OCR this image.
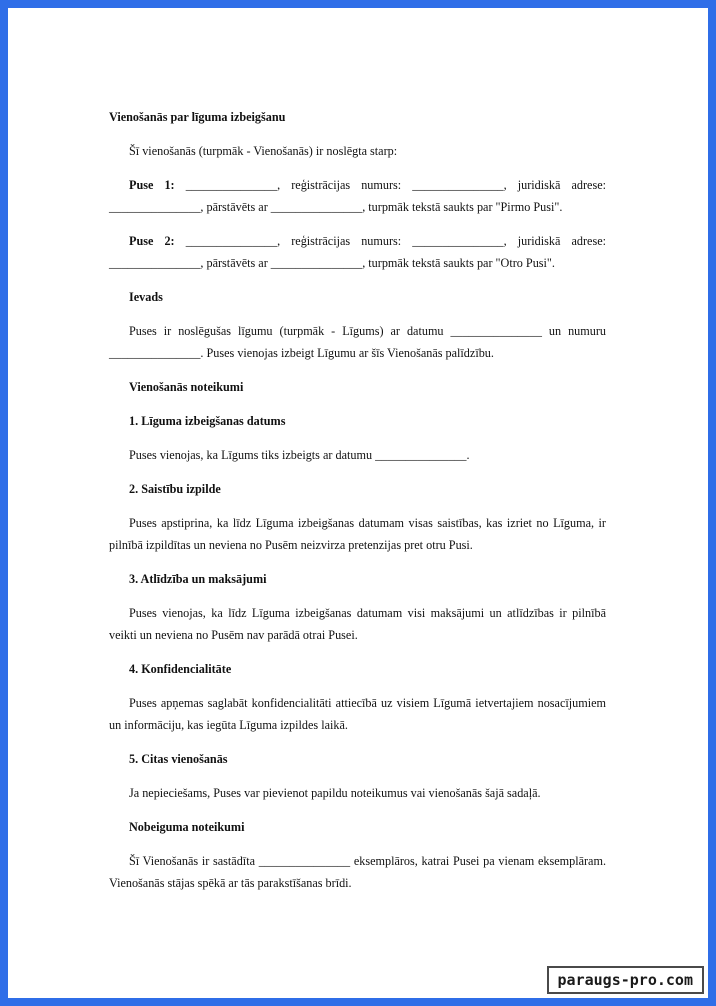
Vienošanās par līguma izbeigšanu

Šī vienošanās (turpmāk - Vienošanās) ir noslēgta starp:

Puse 1: _______________, reģistrācijas numurs: _______________, juridiskā adrese: _______________, pārstāvēts ar _______________, turpmāk tekstā saukts par "Pirmo Pusi".

Puse 2: _______________, reģistrācijas numurs: _______________, juridiskā adrese: _______________, pārstāvēts ar _______________, turpmāk tekstā saukts par "Otro Pusi".

Ievads

Puses ir noslēgušas līgumu (turpmāk - Līgums) ar datumu _______________ un numuru _______________. Puses vienojas izbeigt Līgumu ar šīs Vienošanās palīdzību.

Vienošanās noteikumi

1. Līguma izbeigšanas datums

Puses vienojas, ka Līgums tiks izbeigts ar datumu _______________.

2. Saistību izpilde

Puses apstiprina, ka līdz Līguma izbeigšanas datumam visas saistības, kas izriet no Līguma, ir pilnībā izpildītas un neviena no Pusēm neizvirza pretenzijas pret otru Pusi.

3. Atlīdzība un maksājumi

Puses vienojas, ka līdz Līguma izbeigšanas datumam visi maksājumi un atlīdzības ir pilnībā veikti un neviena no Pusēm nav parādā otrai Pusei.

4. Konfidencialitāte

Puses apņemas saglabāt konfidencialitāti attiecībā uz visiem Līgumā ietvertajiem nosacījumiem un informāciju, kas iegūta Līguma izpildes laikā.

5. Citas vienošanās

Ja nepieciešams, Puses var pievienot papildu noteikumus vai vienošanās šajā sadaļā.

Nobeiguma noteikumi

Šī Vienošanās ir sastādīta _______________ eksemplāros, katrai Pusei pa vienam eksemplāram. Vienošanās stājas spēkā ar tās parakstīšanas brīdi.

paraugs-pro.com
